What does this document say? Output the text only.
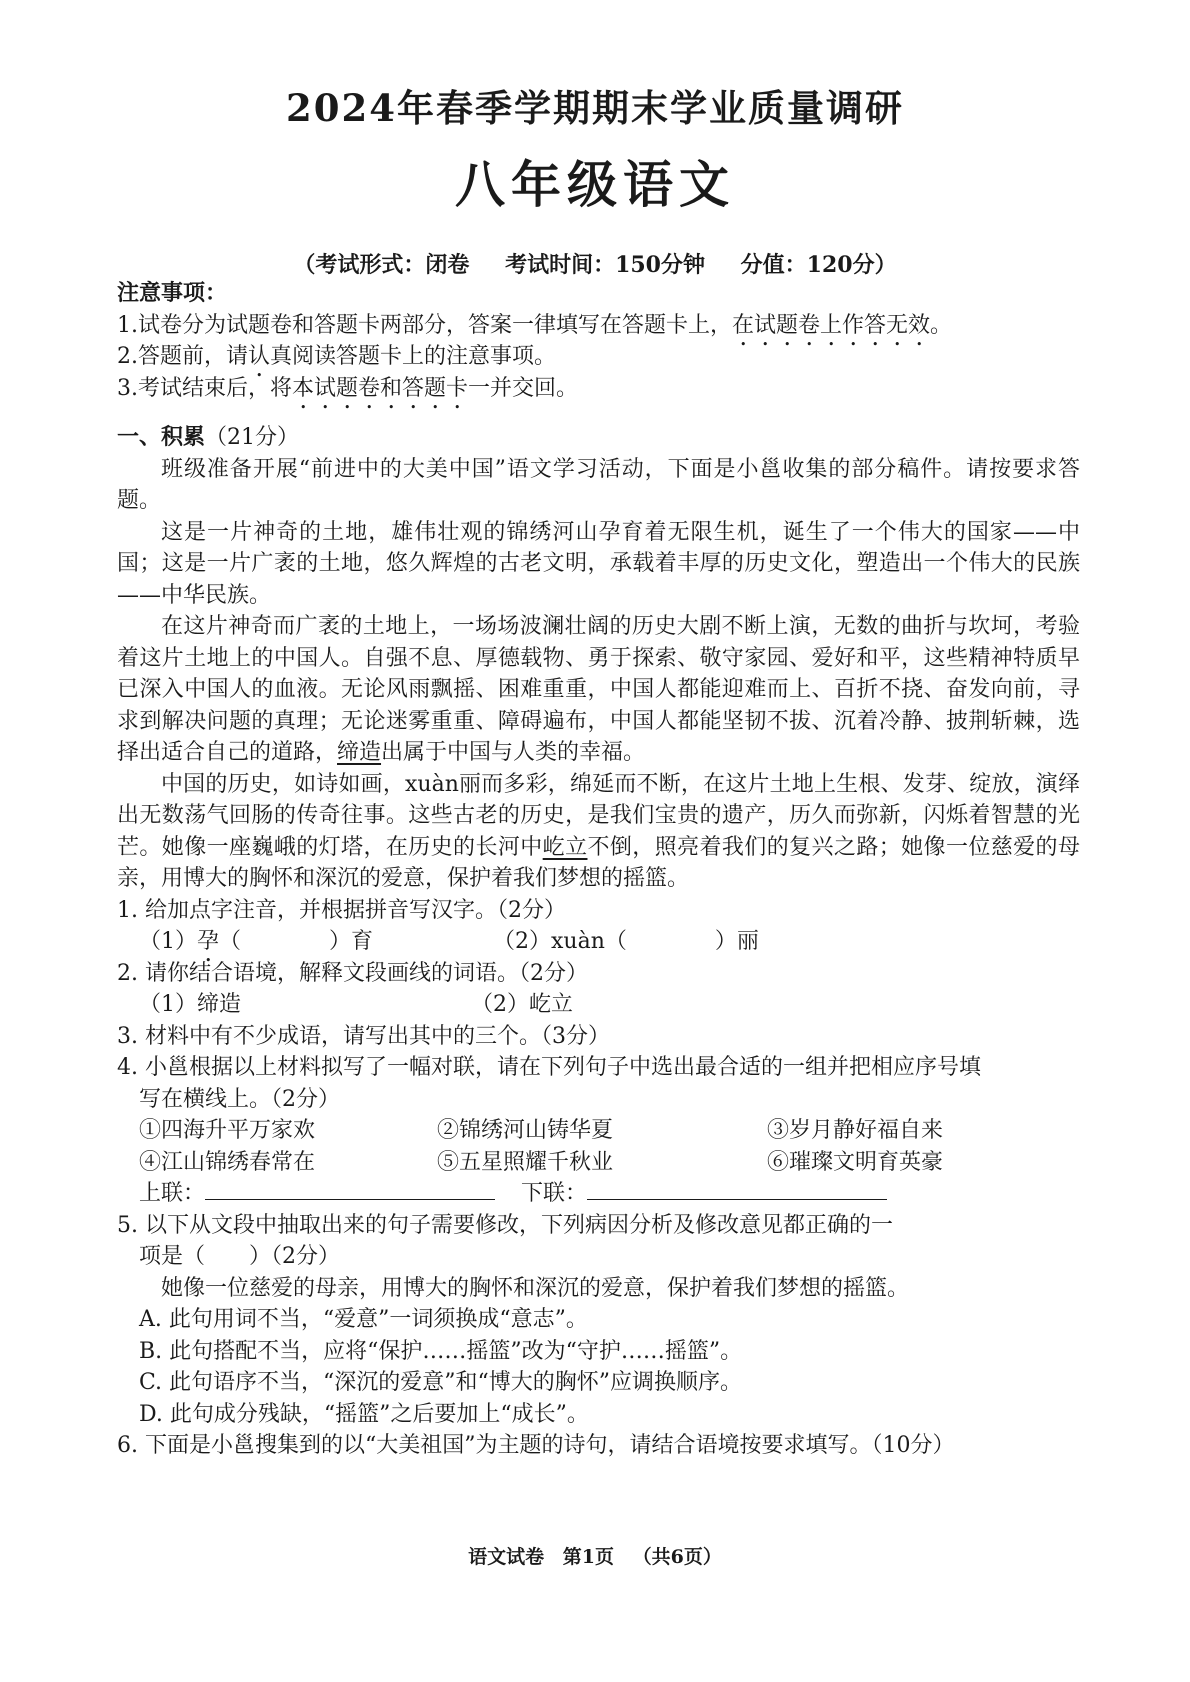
2024年春季学期期末学业质量调研
八年级语文
（考试形式：闭卷 考试时间：150分钟 分值：120分）
注意事项：
1.试卷分为试题卷和答题卡两部分，答案一律填写在答题卡上，在试题卷上作答无效。
2.答题前，请认真阅读答题卡上的注意事项。
3.考试结束后，将本试题卷和答题卡一并交回。
一、积累（21分）
班级准备开展“前进中的大美中国”语文学习活动，下面是小邕收集的部分稿件。请按要求答题。
这是一片神奇的土地，雄伟壮观的锦绣河山孕育着无限生机，诞生了一个伟大的国家——中国；这是一片广袤的土地，悠久辉煌的古老文明，承载着丰厚的历史文化，塑造出一个伟大的民族——中华民族。
在这片神奇而广袤的土地上，一场场波澜壮阔的历史大剧不断上演，无数的曲折与坎坷，考验着这片土地上的中国人。自强不息、厚德载物、勇于探索、敬守家园、爱好和平，这些精神特质早已深入中国人的血液。无论风雨飘摇、困难重重，中国人都能迎难而上、百折不挠、奋发向前，寻求到解决问题的真理；无论迷雾重重、障碍遍布，中国人都能坚韧不拔、沉着冷静、披荆斩棘，选择出适合自己的道路，缔造出属于中国与人类的幸福。
中国的历史，如诗如画，xuàn丽而多彩，绵延而不断，在这片土地上生根、发芽、绽放，演绎出无数荡气回肠的传奇往事。这些古老的历史，是我们宝贵的遗产，历久而弥新，闪烁着智慧的光芒。她像一座巍峨的灯塔，在历史的长河中屹立不倒，照亮着我们的复兴之路；她像一位慈爱的母亲，用博大的胸怀和深沉的爱意，保护着我们梦想的摇篮。
1. 给加点字注音，并根据拼音写汉字。（2分）
（1）孕（　　　　）育	（2）xuàn（　　　　）丽
2. 请你结合语境，解释文段画线的词语。（2分）
（1）缔造	（2）屹立
3. 材料中有不少成语，请写出其中的三个。（3分）
4. 小邕根据以上材料拟写了一幅对联，请在下列句子中选出最合适的一组并把相应序号填
写在横线上。（2分）
①四海升平万家欢	②锦绣河山铸华夏	③岁月静好福自来
④江山锦绣春常在	⑤五星照耀千秋业	⑥璀璨文明育英豪
上联：	下联：
5. 以下从文段中抽取出来的句子需要修改，下列病因分析及修改意见都正确的一
项是（　　）（2分）
她像一位慈爱的母亲，用博大的胸怀和深沉的爱意，保护着我们梦想的摇篮。
A. 此句用词不当，“爱意”一词须换成“意志”。
B. 此句搭配不当，应将“保护……摇篮”改为“守护……摇篮”。
C. 此句语序不当，“深沉的爱意”和“博大的胸怀”应调换顺序。
D. 此句成分残缺，“摇篮”之后要加上“成长”。
6. 下面是小邕搜集到的以“大美祖国”为主题的诗句，请结合语境按要求填写。（10分）
语文试卷 第1页 （共6页）
